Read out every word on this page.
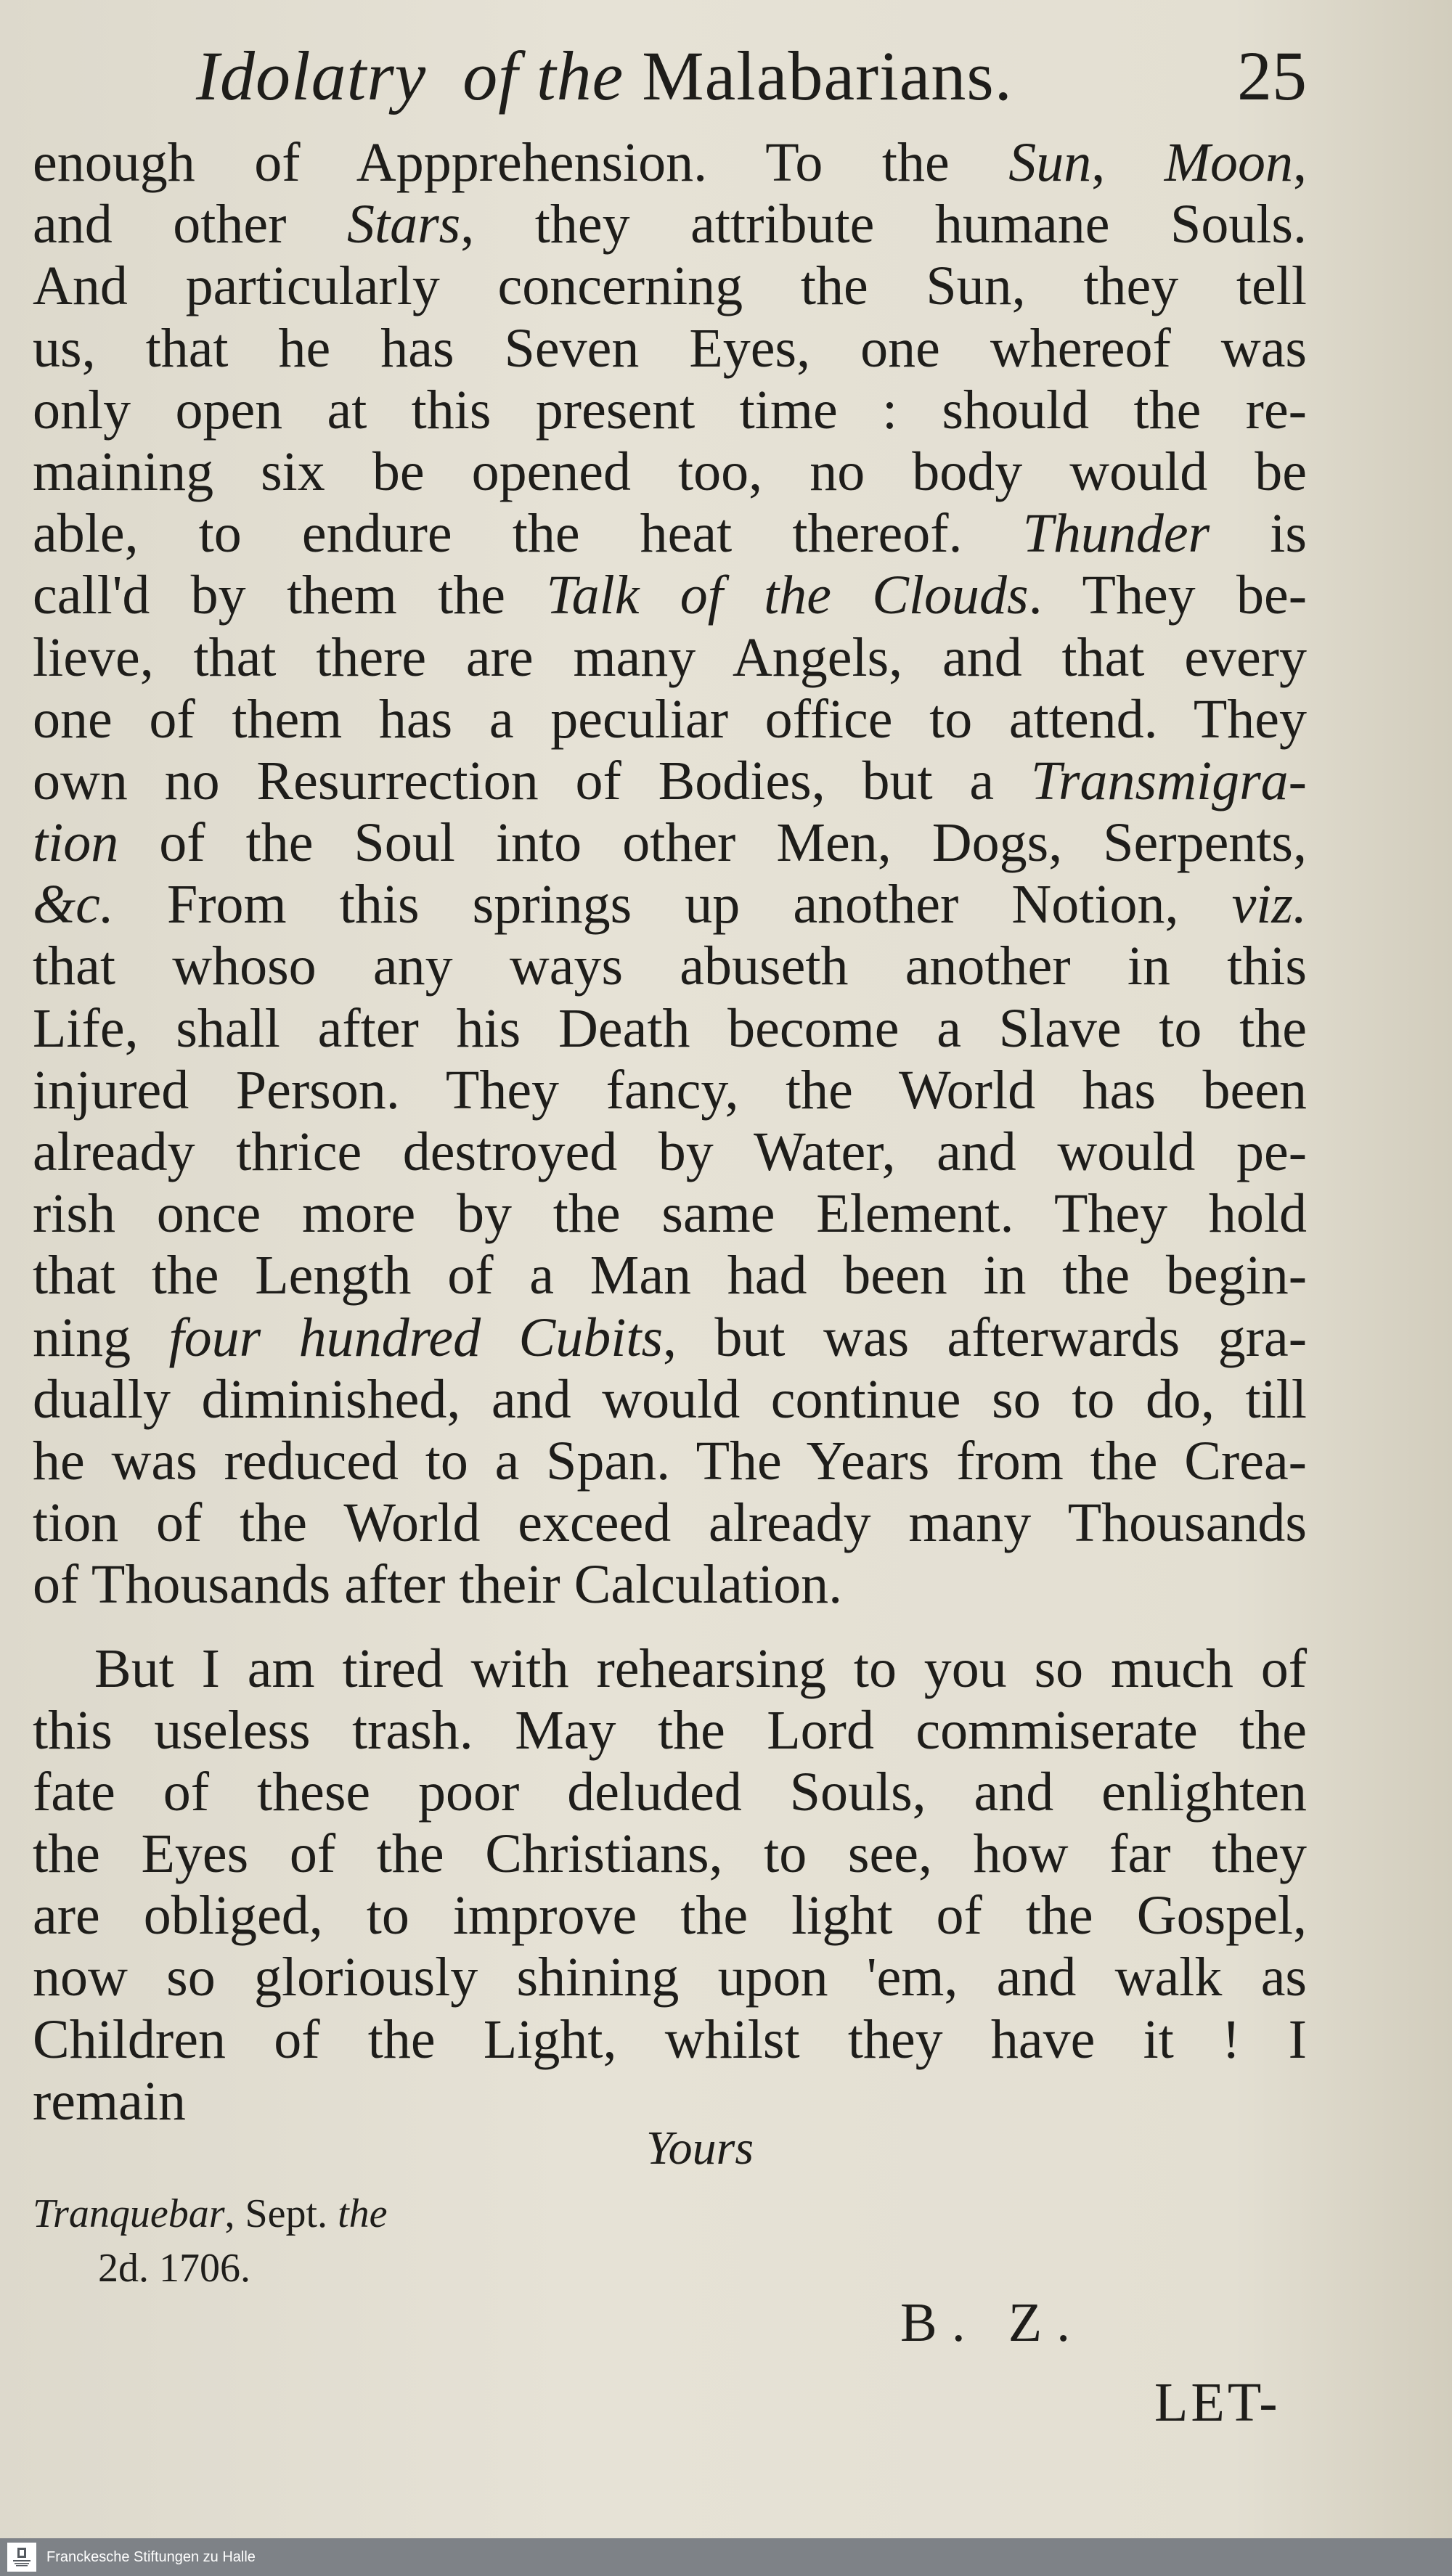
Idolatry of the Malabarians.	25
enough of Appprehension. To the Sun, Moon,
and other Stars, they attribute humane Souls.
And particularly concerning the Sun, they tell
us, that he has Seven Eyes, one whereof was
only open at this present time : should the re-
maining six be opened too, no body would be
able, to endure the heat thereof. Thunder is
call'd by them the Talk of the Clouds. They be-
lieve, that there are many Angels, and that every
one of them has a peculiar office to attend. They
own no Resurrection of Bodies, but a Transmigra-
tion of the Soul into other Men, Dogs, Serpents,
&c. From this springs up another Notion, viz.
that whoso any ways abuseth another in this
Life, shall after his Death become a Slave to the
injured Person. They fancy, the World has been
already thrice destroyed by Water, and would pe-
rish once more by the same Element. They hold
that the Length of a Man had been in the begin-
ning four hundred Cubits, but was afterwards gra-
dually diminished, and would continue so to do, till
he was reduced to a Span. The Years from the Crea-
tion of the World exceed already many Thousands
of Thousands after their Calculation.
But I am tired with rehearsing to you so much of
this useless trash. May the Lord commiserate the
fate of these poor deluded Souls, and enlighten
the Eyes of the Christians, to see, how far they
are obliged, to improve the light of the Gospel,
now so gloriously shining upon 'em, and walk as
Children of the Light, whilst they have it ! I
remain
Yours
Tranquebar, Sept. the
2d. 1706.
B. Z.
LET-
Franckesche Stiftungen zu Halle
